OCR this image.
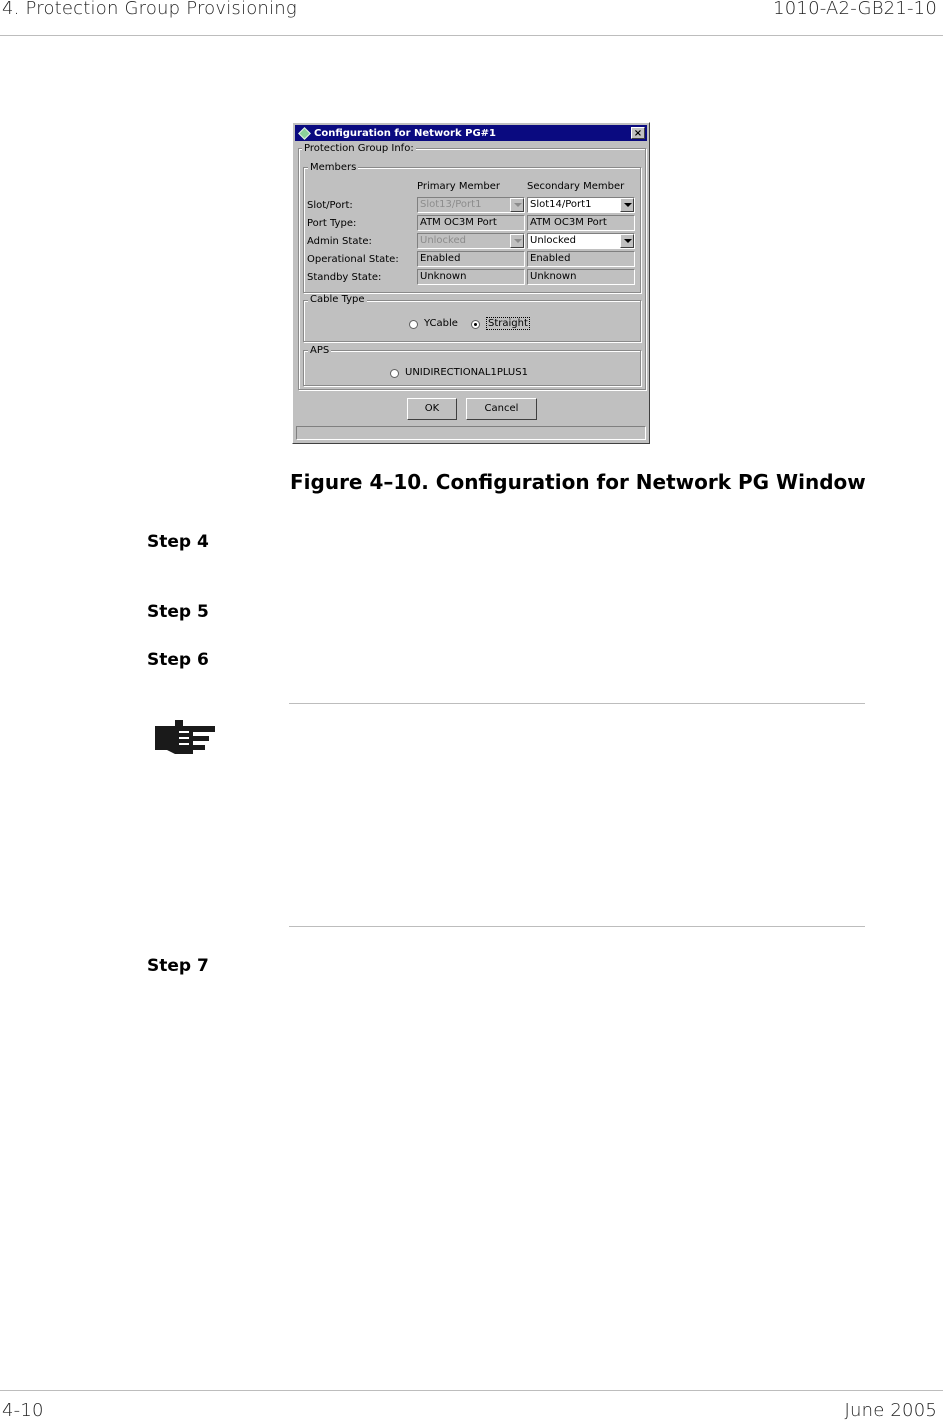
4. Protection Group Provisioning	1010-A2-GB21-10
Configuration for Network PG#1	×
Protection Group Info:
Members
Primary Member	Secondary Member
Slot/Port:	Slot13/Port1	Slot14/Port1
Port Type:	ATM OC3M Port	ATM OC3M Port
Admin State:	Unlocked	Unlocked
Operational State:	Enabled	Enabled
Standby State:	Unknown	Unknown
Cable Type
YCable	Straight
APS
UNIDIRECTIONAL1PLUS1
OK	Cancel
Figure 4–10. Configuration for Network PG Window
Step 4
Step 5
Step 6
Step 7
4-10	June 2005
